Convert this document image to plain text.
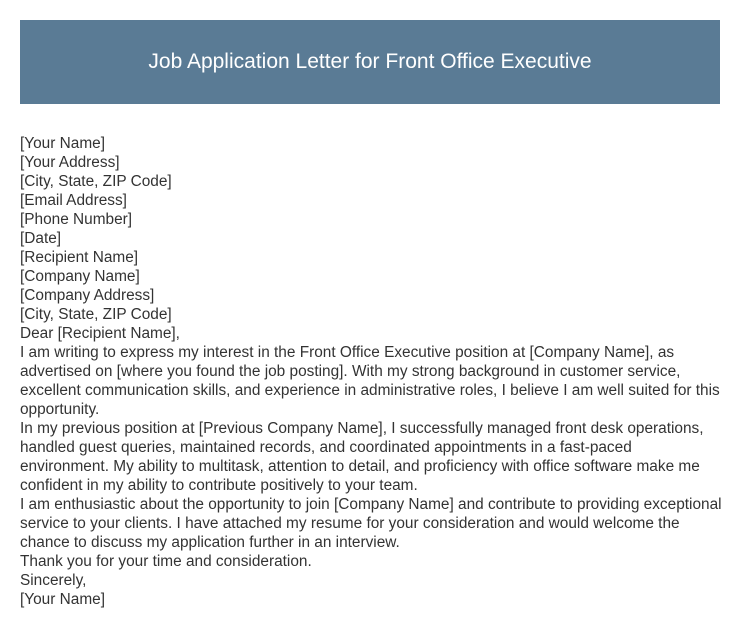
Job Application Letter for Front Office Executive
[Your Name]
[Your Address]
[City, State, ZIP Code]
[Email Address]
[Phone Number]
[Date]
[Recipient Name]
[Company Name]
[Company Address]
[City, State, ZIP Code]
Dear [Recipient Name],
I am writing to express my interest in the Front Office Executive position at [Company Name], as advertised on [where you found the job posting]. With my strong background in customer service, excellent communication skills, and experience in administrative roles, I believe I am well suited for this opportunity.
In my previous position at [Previous Company Name], I successfully managed front desk operations, handled guest queries, maintained records, and coordinated appointments in a fast-paced environment. My ability to multitask, attention to detail, and proficiency with office software make me confident in my ability to contribute positively to your team.
I am enthusiastic about the opportunity to join [Company Name] and contribute to providing exceptional service to your clients. I have attached my resume for your consideration and would welcome the chance to discuss my application further in an interview.
Thank you for your time and consideration.
Sincerely,
[Your Name]
